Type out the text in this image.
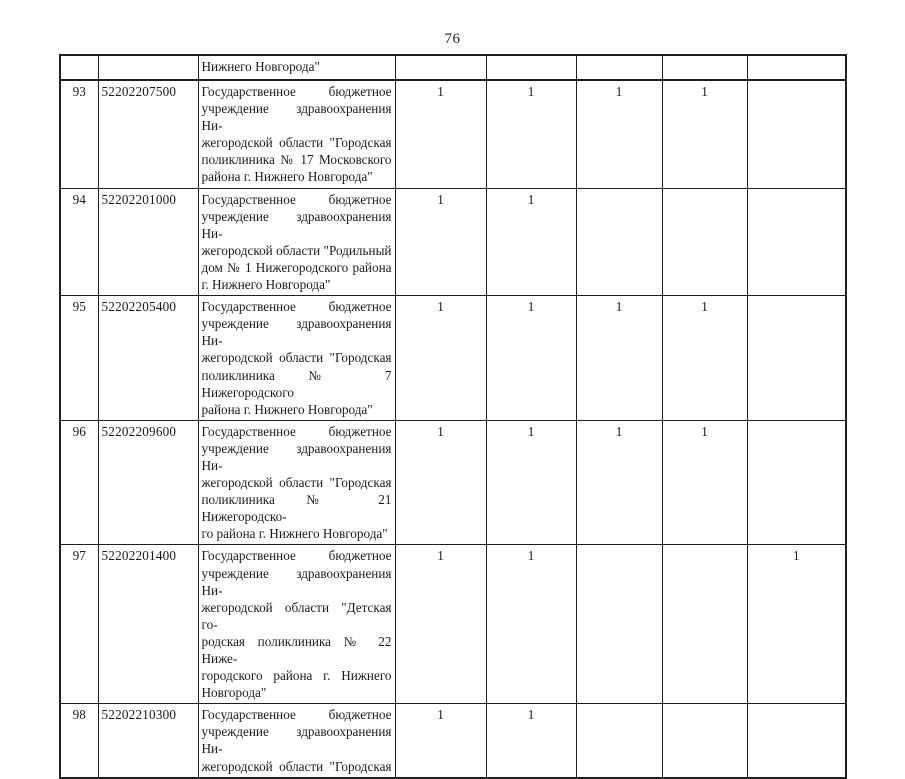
76

		Нижнего Новгорода"					

93	52202207500	Государственное бюджетное
учреждение здравоохранения Ни-
жегородской области "Городская
поликлиника № 17 Московского
района г. Нижнего Новгорода"	1	1	1	1	
94	52202201000	Государственное бюджетное
учреждение здравоохранения Ни-
жегородской области "Родильный
дом № 1 Нижегородского района
г. Нижнего Новгорода"	1	1			
95	52202205400	Государственное бюджетное
учреждение здравоохранения Ни-
жегородской области "Городская
поликлиника № 7 Нижегородского
района г. Нижнего Новгорода"	1	1	1	1	
96	52202209600	Государственное бюджетное
учреждение здравоохранения Ни-
жегородской области "Городская
поликлиника № 21 Нижегородско-
го района г. Нижнего Новгорода"	1	1	1	1	
97	52202201400	Государственное бюджетное
учреждение здравоохранения Ни-
жегородской области "Детская го-
родская поликлиника № 22 Ниже-
городского района г. Нижнего
Новгорода"
	1	1			1
98	52202210300	Государственное бюджетное
учреждение здравоохранения Ни-
жегородской области "Городская	1	1			
